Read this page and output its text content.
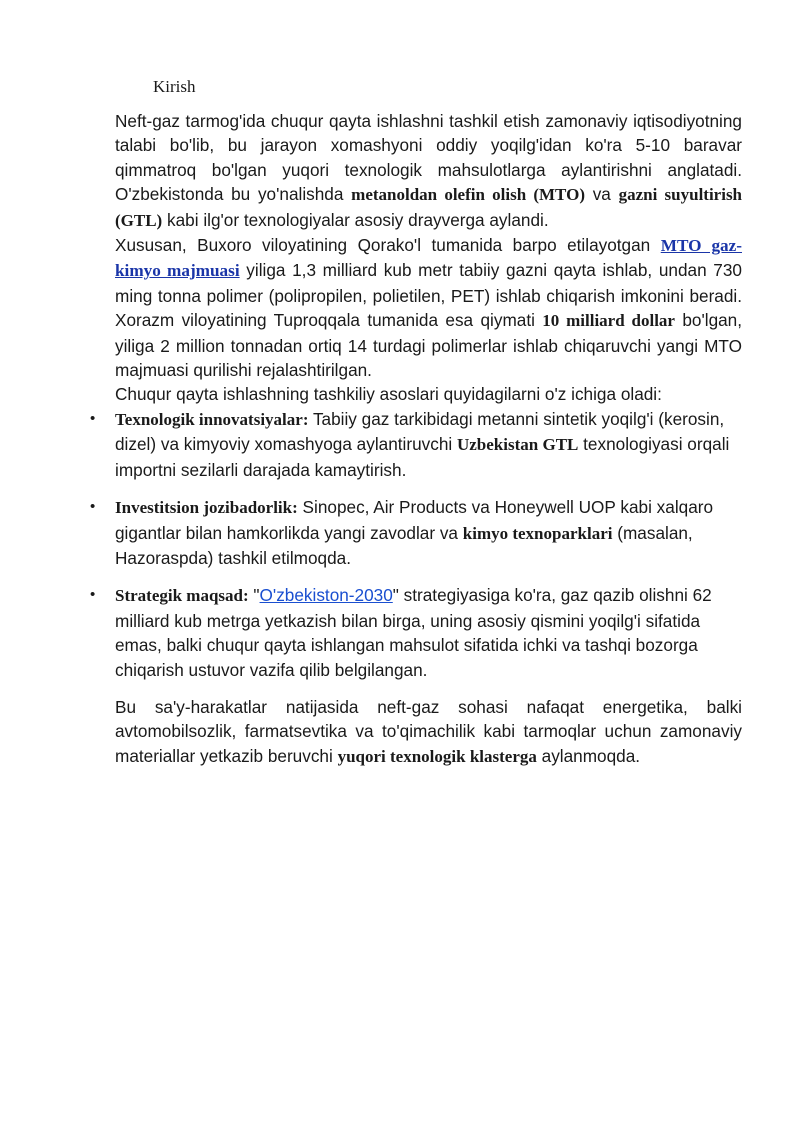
Kirish

Neft-gaz tarmog'ida chuqur qayta ishlashni tashkil etish zamonaviy iqtisodiyotning talabi bo'lib, bu jarayon xomashyoni oddiy yoqilg'idan ko'ra 5-10 baravar qimmatroq bo'lgan yuqori texnologik mahsulotlarga aylantirishni anglatadi. O'zbekistonda bu yo'nalishda metanoldan olefin olish (MTO) va gazni suyultirish (GTL) kabi ilg'or texnologiyalar asosiy drayverga aylandi.

Xususan, Buxoro viloyatining Qorako'l tumanida barpo etilayotgan MTO gaz-kimyo majmuasi yiliga 1,3 milliard kub metr tabiiy gazni qayta ishlab, undan 730 ming tonna polimer (polipropilen, polietilen, PET) ishlab chiqarish imkonini beradi. Xorazm viloyatining Tuproqqala tumanida esa qiymati 10 milliard dollar bo'lgan, yiliga 2 million tonnadan ortiq 14 turdagi polimerlar ishlab chiqaruvchi yangi MTO majmuasi qurilishi rejalashtirilgan.

Chuqur qayta ishlashning tashkiliy asoslari quyidagilarni o'z ichiga oladi:

• Texnologik innovatsiyalar: Tabiiy gaz tarkibidagi metanni sintetik yoqilg'i (kerosin, dizel) va kimyoviy xomashyoga aylantiruvchi Uzbekistan GTL texnologiyasi orqali importni sezilarli darajada kamaytirish.
• Investitsion jozibadorlik: Sinopec, Air Products va Honeywell UOP kabi xalqaro gigantlar bilan hamkorlikda yangi zavodlar va kimyo texnoparklari (masalan, Hazoraspda) tashkil etilmoqda.
• Strategik maqsad: "O'zbekiston-2030" strategiyasiga ko'ra, gaz qazib olishni 62 milliard kub metrga yetkazish bilan birga, uning asosiy qismini yoqilg'i sifatida emas, balki chuqur qayta ishlangan mahsulot sifatida ichki va tashqi bozorga chiqarish ustuvor vazifa qilib belgilangan.

Bu sa'y-harakatlar natijasida neft-gaz sohasi nafaqat energetika, balki avtomobilsozlik, farmatsevtika va to'qimachilik kabi tarmoqlar uchun zamonaviy materiallar yetkazib beruvchi yuqori texnologik klasterga aylanmoqda.
